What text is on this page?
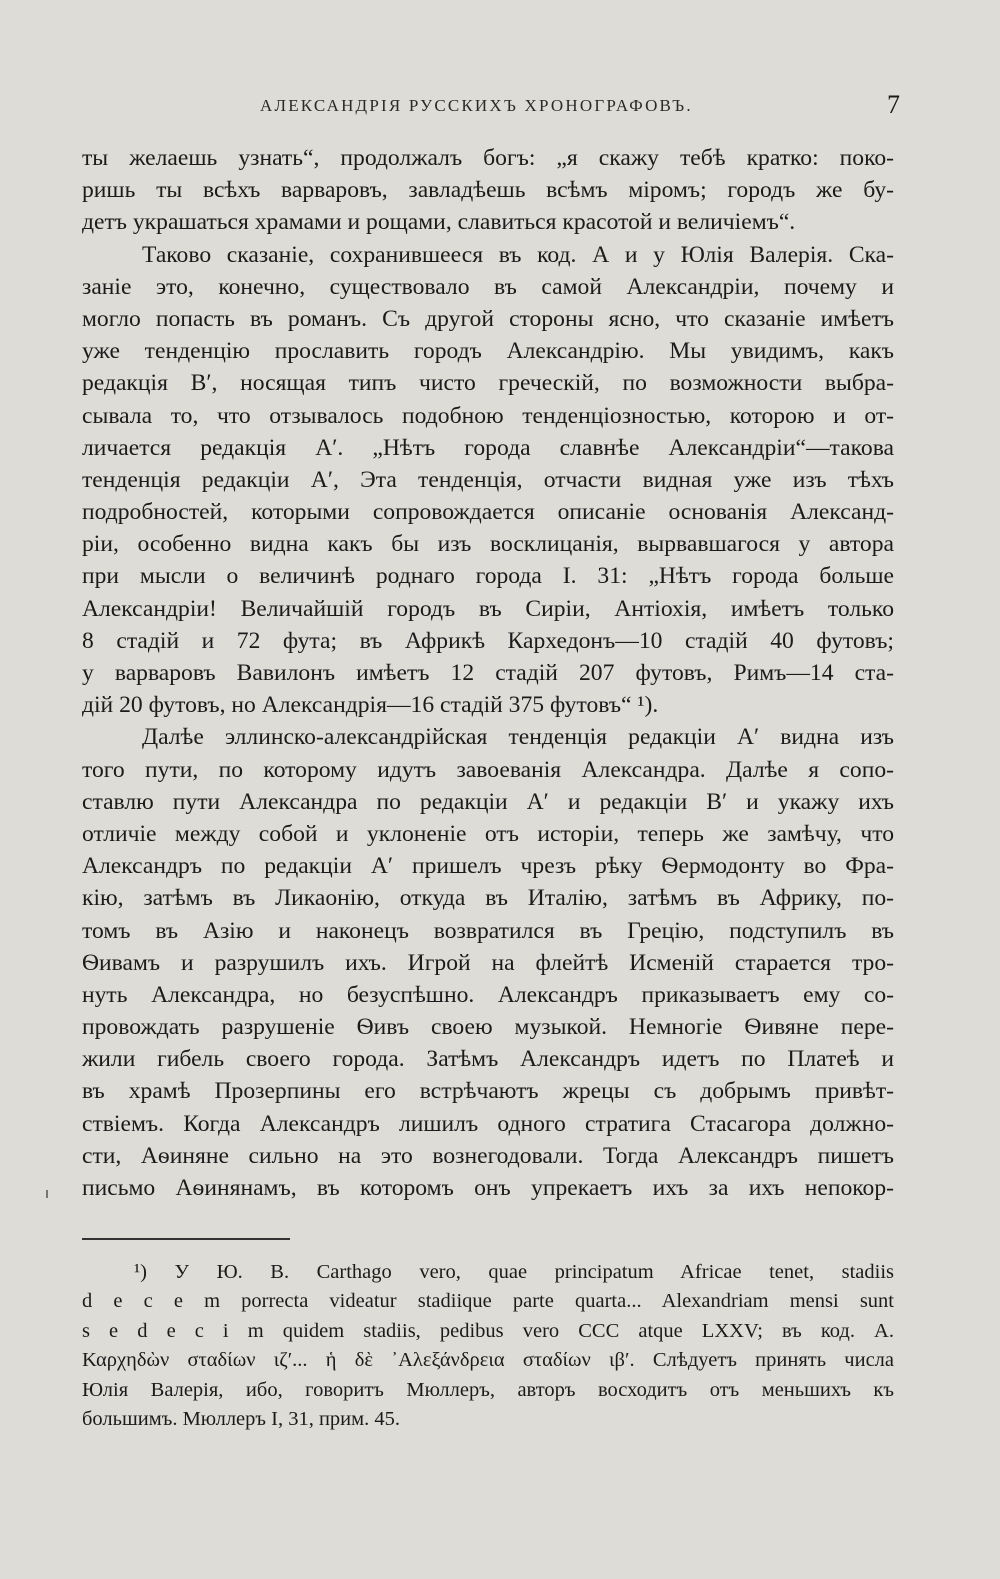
АЛЕКСАНДРІЯ РУССКИХЪ ХРОНОГРАФОВЪ.	7
ты желаешь узнать“, продолжалъ богъ: „я скажу тебѣ кратко: поко-
ришь ты всѣхъ варваровъ, завладѣешь всѣмъ міромъ; городъ же бу-
детъ украшаться храмами и рощами, славиться красотой и величіемъ“.
Таково сказаніе, сохранившееся въ код. А и у Юлія Валерія. Ска-
заніе это, конечно, существовало въ самой Александріи, почему и
могло попасть въ романъ. Съ другой стороны ясно, что сказаніе имѣетъ
уже тенденцію прославить городъ Александрію. Мы увидимъ, какъ
редакція В′, носящая типъ чисто греческій, по возможности выбра-
сывала то, что отзывалось подобною тенденціозностью, которою и от-
личается редакція А′. „Нѣтъ города славнѣе Александріи“—такова
тенденція редакціи А′, Эта тенденція, отчасти видная уже изъ тѣхъ
подробностей, которыми сопровождается описаніе основанія Александ-
ріи, особенно видна какъ бы изъ восклицанія, вырвавшагося у автора
при мысли о величинѣ роднаго города І. 31: „Нѣтъ города больше
Александріи! Величайшій городъ въ Сиріи, Антіохія, имѣетъ только
8 стадій и 72 фута; въ Африкѣ Кархедонъ—10 стадій 40 футовъ;
у варваровъ Вавилонъ имѣетъ 12 стадій 207 футовъ, Римъ—14 ста-
дій 20 футовъ, но Александрія—16 стадій 375 футовъ“ ¹).
Далѣе эллинско-александрійская тенденція редакціи А′ видна изъ
того пути, по которому идутъ завоеванія Александра. Далѣе я сопо-
ставлю пути Александра по редакціи А′ и редакціи В′ и укажу ихъ
отличіе между собой и уклоненіе отъ исторіи, теперь же замѣчу, что
Александръ по редакціи А′ пришелъ чрезъ рѣку Ѳермодонту во Фра-
кію, затѣмъ въ Ликаонію, откуда въ Италію, затѣмъ въ Африку, по-
томъ въ Азію и наконецъ возвратился въ Грецію, подступилъ въ
Ѳивамъ и разрушилъ ихъ. Игрой на флейтѣ Исменій старается тро-
нуть Александра, но безуспѣшно. Александръ приказываетъ ему со-
провождать разрушеніе Ѳивъ своею музыкой. Немногіе Ѳивяне пере-
жили гибель своего города. Затѣмъ Александръ идетъ по Платеѣ и
въ храмѣ Прозерпины его встрѣчаютъ жрецы съ добрымъ привѣт-
ствіемъ. Когда Александръ лишилъ одного стратига Стасагора должно-
сти, Аѳиняне сильно на это вознегодовали. Тогда Александръ пишетъ
письмо Аѳинянамъ, въ которомъ онъ упрекаетъ ихъ за ихъ непокор-
¹) У Ю. В. Carthago vero, quae principatum Africae tenet, stadiis
d e c e m porrecta videatur stadiique parte quarta... Alexandriam mensi sunt
s e d e c i m quidem stadiis, pedibus vero CCC atque LXXV; въ код. А.
Καρχηδὼν σταδίων ιζ′... ἡ δὲ ᾿Αλεξάνδρεια σταδίων ιβ′. Слѣдуетъ принять числа
Юлія Валерія, ибо, говоритъ Мюллеръ, авторъ восходитъ отъ меньшихъ къ
большимъ. Мюллеръ I, 31, прим. 45.
